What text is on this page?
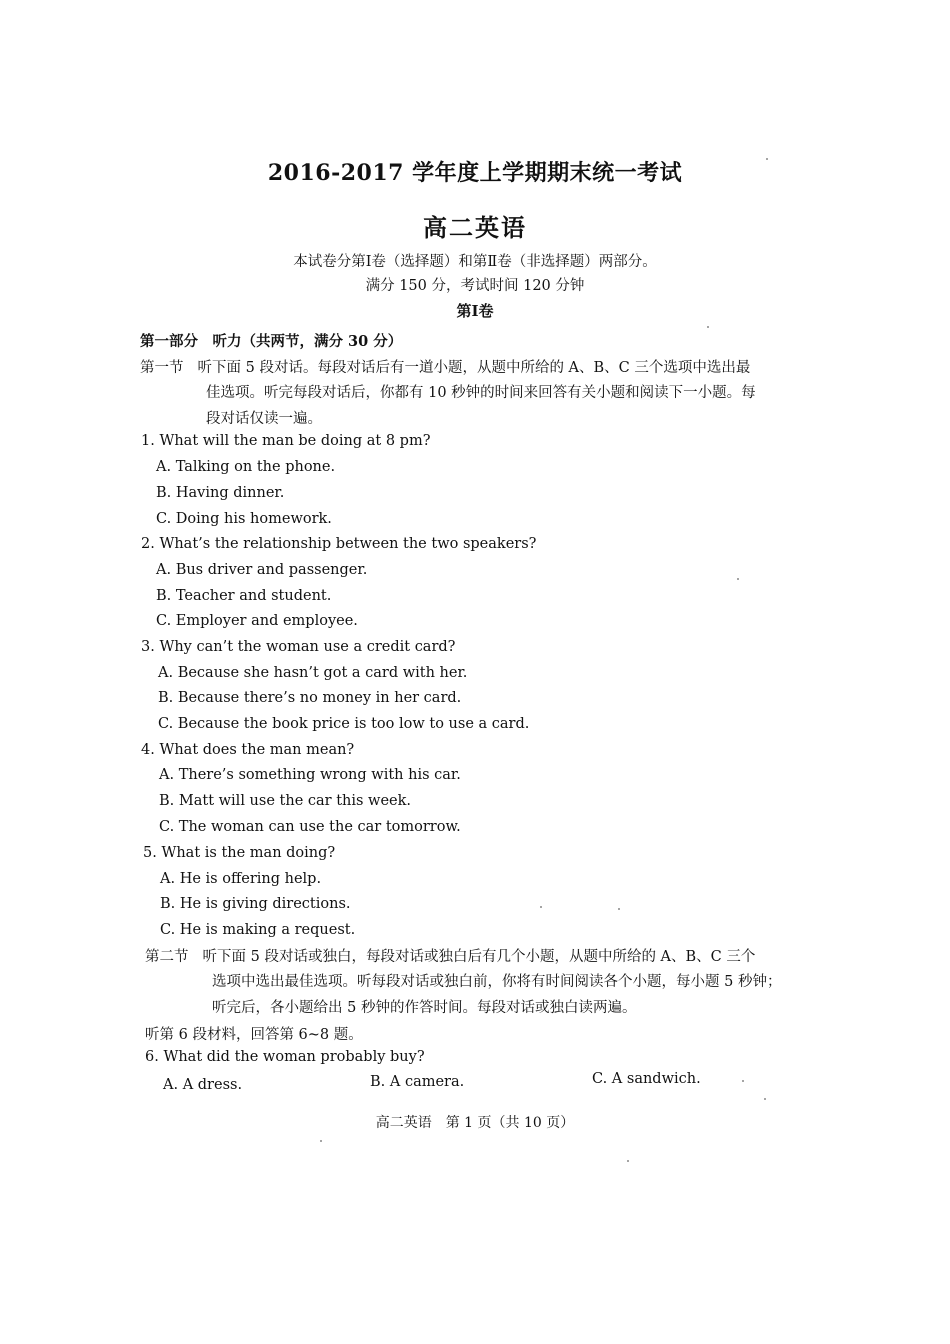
2016-2017 学年度上学期期末统一考试
高二英语
本试卷分第Ⅰ卷（选择题）和第Ⅱ卷（非选择题）两部分。
满分 150 分，考试时间 120 分钟
第Ⅰ卷
第一部分　听力（共两节，满分 30 分）
第一节 听下面 5 段对话。每段对话后有一道小题，从题中所给的 A、B、C 三个选项中选出最
佳选项。听完每段对话后，你都有 10 秒钟的时间来回答有关小题和阅读下一小题。每
段对话仅读一遍。
1. What will the man be doing at 8 pm?
A. Talking on the phone.
B. Having dinner.
C. Doing his homework.
2. What’s the relationship between the two speakers?
A. Bus driver and passenger.
B. Teacher and student.
C. Employer and employee.
3. Why can’t the woman use a credit card?
A. Because she hasn’t got a card with her.
B. Because there’s no money in her card.
C. Because the book price is too low to use a card.
4. What does the man mean?
A. There’s something wrong with his car.
B. Matt will use the car this week.
C. The woman can use the car tomorrow.
5. What is the man doing?
A. He is offering help.
B. He is giving directions.
C. He is making a request.
第二节 听下面 5 段对话或独白，每段对话或独白后有几个小题，从题中所给的 A、B、C 三个
选项中选出最佳选项。听每段对话或独白前，你将有时间阅读各个小题，每小题 5 秒钟；
听完后，各小题给出 5 秒钟的作答时间。每段对话或独白读两遍。
听第 6 段材料，回答第 6~8 题。
6. What did the woman probably buy?
A. A dress.	B. A camera.	C. A sandwich.
高二英语　第 1 页（共 10 页）
